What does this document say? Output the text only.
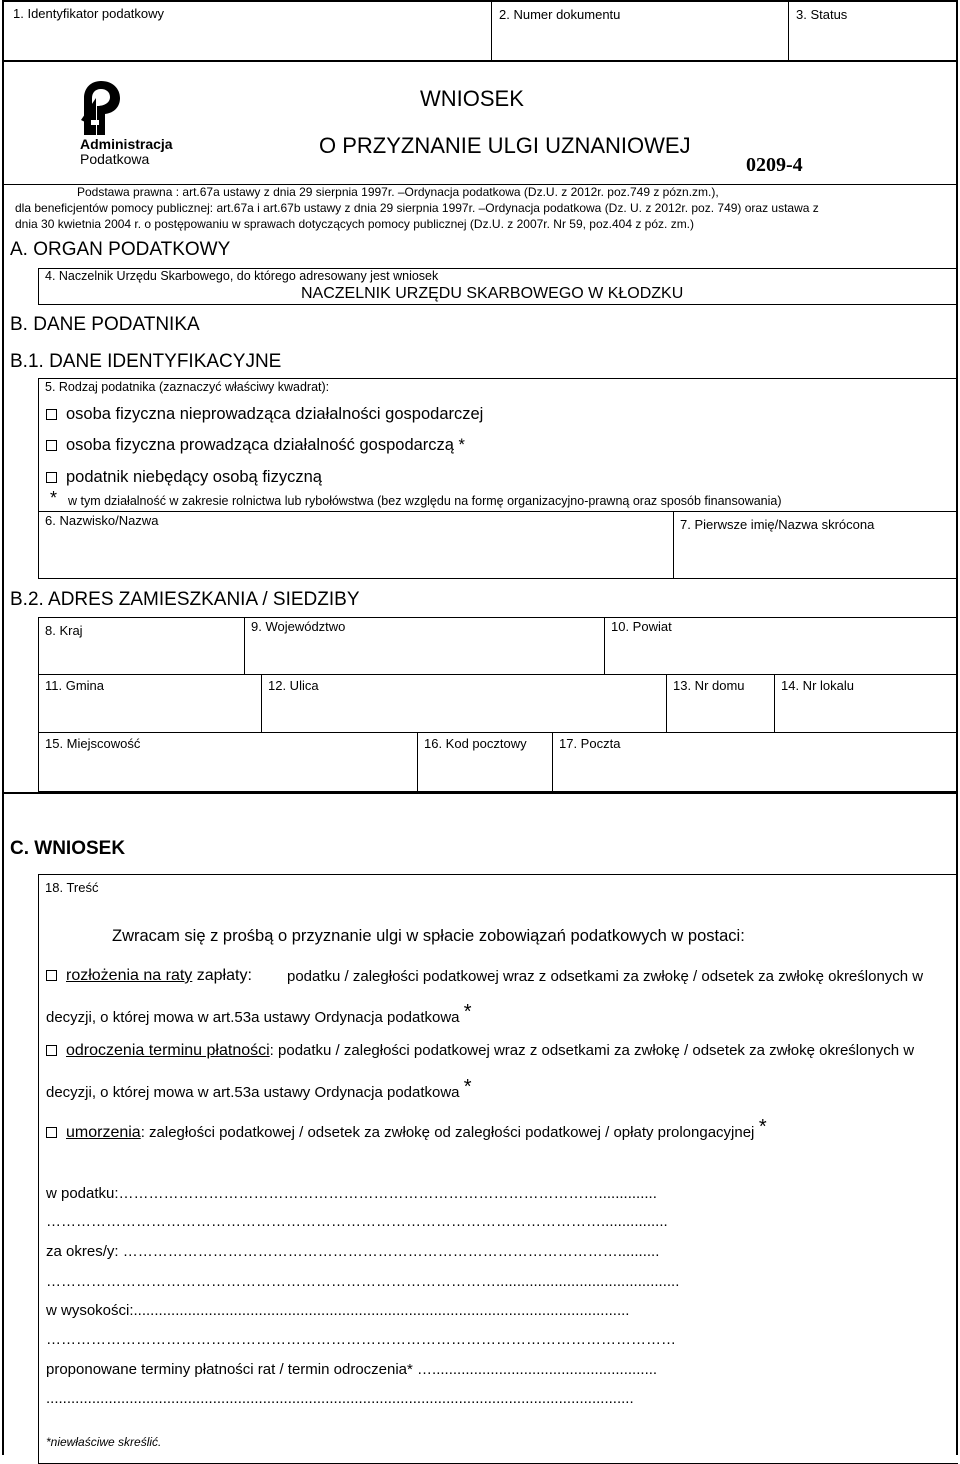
1. Identyfikator podatkowy	2. Numer dokumentu	3. Status
Administracja
Podatkowa
WNIOSEK
O PRZYZNANIE ULGI UZNANIOWEJ
0209-4
Podstawa prawna : art.67a ustawy z dnia 29 sierpnia 1997r. –Ordynacja podatkowa (Dz.U. z 2012r. poz.749 z pózn.zm.),
dla beneficjentów pomocy publicznej: art.67a i art.67b ustawy z dnia 29 sierpnia 1997r. –Ordynacja podatkowa (Dz. U. z 2012r. poz. 749) oraz ustawa z
dnia 30 kwietnia 2004 r. o postępowaniu w sprawach dotyczących pomocy publicznej (Dz.U. z 2007r. Nr 59, poz.404 z póz. zm.)
A. ORGAN PODATKOWY
4. Naczelnik Urzędu Skarbowego, do którego adresowany jest wniosek
NACZELNIK URZĘDU SKARBOWEGO W KŁODZKU
B. DANE PODATNIKA
B.1. DANE IDENTYFIKACYJNE
5. Rodzaj podatnika (zaznaczyć właściwy kwadrat):
osoba fizyczna nieprowadząca działalności gospodarczej
osoba fizyczna prowadząca działalność gospodarczą *
podatnik niebędący osobą fizyczną
* w tym działalność w zakresie rolnictwa lub rybołówstwa (bez względu na formę organizacyjno-prawną oraz sposób finansowania)
6. Nazwisko/Nazwa	7. Pierwsze imię/Nazwa skrócona
B.2. ADRES ZAMIESZKANIA / SIEDZIBY
8. Kraj	9. Województwo	10. Powiat
11. Gmina	12. Ulica	13. Nr domu	14. Nr lokalu
15. Miejscowość	16. Kod pocztowy 17. Poczta
C. WNIOSEK
18. Treść
Zwracam się z prośbą o przyznanie ulgi w spłacie zobowiązań podatkowych w postaci:
rozłożenia na raty zapłaty: podatku / zaległości podatkowej wraz z odsetkami za zwłokę / odsetek za zwłokę określonych w
decyzji, o której mowa w art.53a ustawy Ordynacja podatkowa *
odroczenia terminu płatności: podatku / zaległości podatkowej wraz z odsetkami za zwłokę / odsetek za zwłokę określonych w
decyzji, o której mowa w art.53a ustawy Ordynacja podatkowa *
umorzenia: zaległości podatkowej / odsetek za zwłokę od zaległości podatkowej / opłaty prolongacyjnej *
w podatku:……………………………………………………………………………………..............
…………………………………………………………………………………………………................
za okres/y: ………………………………………………………………………………………..........
………………………………………………………………………………............................................
w wysokości:.......................................................................................................................
………………………………………………………………………………………………………………
proponowane terminy płatności rat / termin odroczenia* …......................................................
.............................................................................................................................................
*niewłaściwe skreślić.
